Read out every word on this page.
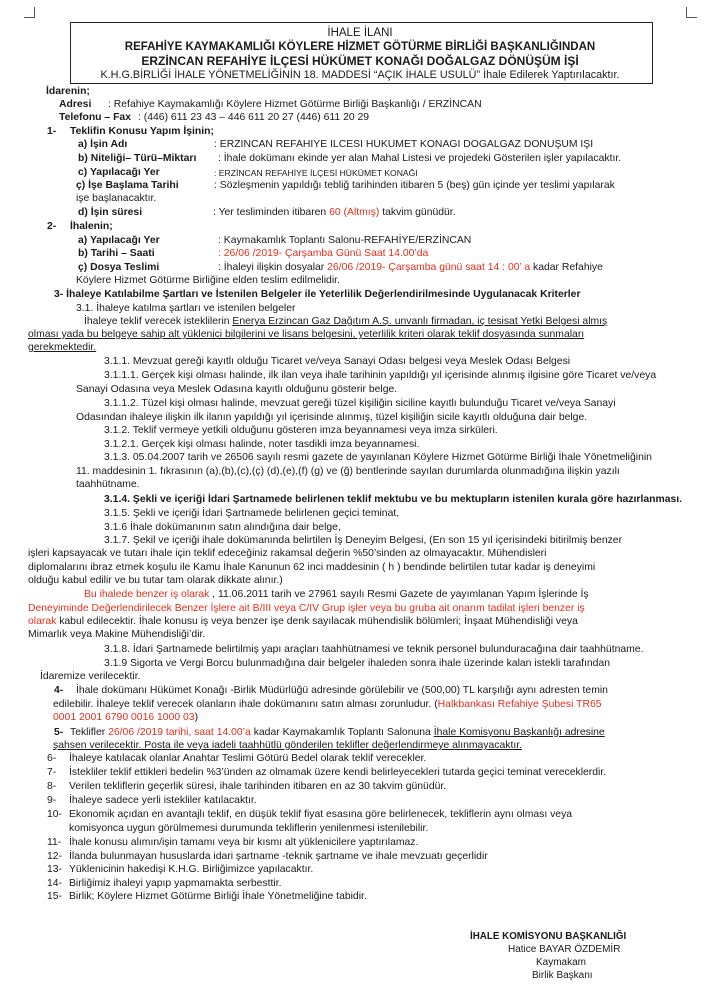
İHALE İLANI
REFAHİYE KAYMAKAMLIĞI KÖYLERE HİZMET GÖTÜRME BİRLİĞİ BAŞKANLIĞINDAN
ERZİNCAN REFAHİYE İLÇESİ HÜKÜMET KONAĞI DOĞALGAZ DÖNÜŞÜM İŞİ
K.H.G.BİRLİĞİ İHALE YÖNETMELİĞİNİN 18. MADDESİ “AÇIK İHALE USULÜ” İhale Edilerek Yaptırılacaktır.
İdarenin;
Adresi : Refahiye Kaymakamlığı Köylere Hizmet Götürme Birliği Başkanlığı / ERZİNCAN
Telefonu – Fax : (446) 611 23 43 – 446 611 20 27 (446) 611 20 29
1- Teklifin Konusu Yapım İşinin;
a) İşin Adı	: ERZINCAN REFAHIYE ILCESI HUKUMET KONAGI DOGALGAZ DONUŞUM IŞI
b) Niteliği– Türü–Miktarı : İhale dokümanı ekinde yer alan Mahal Listesi ve projedeki Gösterilen işler yapılacaktır.
c) Yapılacağı Yer	: ERZİNCAN REFAHİYE İLÇESİ HÜKÜMET KONAĞI
ç) İşe Başlama Tarihi	: Sözleşmenin yapıldığı tebliğ tarihinden itibaren 5 (beş) gün içinde yer teslimi yapılarak
işe başlanacaktır.
d) İşin süresi	: Yer tesliminden itibaren 60 (Altmış) takvim günüdür.
2- İhalenin;
a) Yapılacağı Yer	: Kaymakamlık Toplantı Salonu-REFAHİYE/ERZİNCAN
b) Tarihi – Saati	: 26/06 /2019- Çarşamba Günü Saat 14.00’da
ç) Dosya Teslimi	: İhaleyi ilişkin dosyalar 26/06 /2019- Çarşamba günü saat 14 : 00’ a kadar Refahiye
Köylere Hizmet Götürme Birliğine elden teslim edilmelidir.
3- İhaleye Katılabilme Şartları ve İstenilen Belgeler ile Yeterlilik Değerlendirilmesinde Uygulanacak Kriterler
3.1. İhaleye katılma şartları ve istenilen belgeler
İhaleye teklif verecek isteklilerin Enerya Erzincan Gaz Dağıtım A.Ş. unvanlı firmadan, iç tesisat Yetki Belgesi almış
olması yada bu belgeye sahip alt yüklenici bilgilerini ve lisans belgesini, yeterlilik kriteri olarak teklif dosyasında sunmaları
gerekmektedir.
3.1.1. Mevzuat gereği kayıtlı olduğu Ticaret ve/veya Sanayi Odası belgesi veya Meslek Odası Belgesi
3.1.1.1. Gerçek kişi olması halinde, ilk ilan veya ihale tarihinin yapıldığı yıl içerisinde alınmış ilgisine göre Ticaret ve/veya
Sanayi Odasına veya Meslek Odasına kayıtlı olduğunu gösterir belge.
3.1.1.2. Tüzel kişi olması halinde, mevzuat gereği tüzel kişiliğin siciline kayıtlı bulunduğu Ticaret ve/veya Sanayi
Odasından ihaleye ilişkin ilk ilanın yapıldığı yıl içerisinde alınmış, tüzel kişiliğin sicile kayıtlı olduğuna dair belge.
3.1.2. Teklif vermeye yetkili olduğunu gösteren imza beyannamesi veya imza sirküleri.
3.1.2.1. Gerçek kişi olması halinde, noter tasdikli imza beyannamesi.
3.1.3. 05.04.2007 tarih ve 26506 sayılı resmi gazete de yayınlanan Köylere Hizmet Götürme Birliği İhale Yönetmeliğinin
11. maddesinin 1. fıkrasının (a),(b),(c),(ç) (d),(e),(f) (g) ve (ğ) bentlerinde sayılan durumlarda olunmadığına ilişkin yazılı
taahhütname.
3.1.4. Şekli ve içeriği İdari Şartnamede belirlenen teklif mektubu ve bu mektupların istenilen kurala göre hazırlanması.
3.1.5. Şekli ve içeriği İdari Şartnamede belirlenen geçici teminat,
3.1.6 İhale dokümanının satın alındığına dair belge,
3.1.7. Şekil ve içeriği ihale dokümanında belirtilen İş Deneyim Belgesi, (En son 15 yıl içerisindeki bitirilmiş benzer
işleri kapsayacak ve tutarı ihale için teklif edeceğiniz rakamsal değerin %50’sinden az olmayacaktır. Mühendisleri
diplomalarını ibraz etmek koşulu ile Kamu İhale Kanunun 62 inci maddesinin ( h ) bendinde belirtilen tutar kadar iş deneyimi
olduğu kabul edilir ve bu tutar tam olarak dikkate alınır.)
Bu ihalede benzer iş olarak , 11.06.2011 tarih ve 27961 sayılı Resmi Gazete de yayımlanan Yapım İşlerinde İş
Deneyiminde Değerlendirilecek Benzer İşlere ait B/III veya C/IV Grup işler veya bu gruba ait onarım tadilat işleri benzer iş
olarak kabul edilecektir. İhale konusu iş veya benzer işe denk sayılacak mühendislik bölümleri; İnşaat Mühendisliği veya
Mimarlık veya Makine Mühendisliği’dir.
3.1.8. İdari Şartnamede belirtilmiş yapı araçları taahhütnamesi ve teknik personel bulunduracağına dair taahhütname.
3.1.9 Sigorta ve Vergi Borcu bulunmadığına dair belgeler ihaleden sonra ihale üzerinde kalan istekli tarafından
İdaremize verilecektir.
4- İhale dokümanı Hükümet Konağı -Birlik Müdürlüğü adresinde görülebilir ve (500,00) TL karşılığı aynı adresten temin
edilebilir. İhaleye teklif verecek olanların ihale dokümanını satın alması zorunludur. (Halkbankası Refahiye Şubesi TR65
0001 2001 6790 0016 1000 03)
5- Teklifler 26/06 /2019 tarihi, saat 14.00’a kadar Kaymakamlık Toplantı Salonuna İhale Komisyonu Başkanlığı adresine
şahsen verilecektir. Posta ile veya iadeli taahhütlü gönderilen teklifler değerlendirmeye alınmayacaktır.
6- İhaleye katılacak olanlar Anahtar Teslimi Götürü Bedel olarak teklif verecekler.
7- İstekliler teklif ettikleri bedelin %3’ünden az olmamak üzere kendi belirleyecekleri tutarda geçici teminat vereceklerdir.
8- Verilen tekliflerin geçerlik süresi, ihale tarihinden itibaren en az 30 takvim günüdür.
9- İhaleye sadece yerli istekliler katılacaktır.
10- Ekonomik açıdan en avantajlı teklif, en düşük teklif fiyat esasına göre belirlenecek, tekliflerin aynı olması veya
komisyonca uygun görülmemesi durumunda tekliflerin yenilenmesi istenilebilir.
11- İhale konusu alımın/işin tamamı veya bir kısmı alt yüklenicilere yaptırılamaz.
12- İlanda bulunmayan hususlarda idari şartname -teknik şartname ve ihale mevzuatı geçerlidir
13- Yüklenicinin hakedişi K.H.G. Birliğimizce yapılacaktır.
14- Birliğimiz ihaleyi yapıp yapmamakta serbesttir.
15- Birlik; Köylere Hizmet Götürme Birliği İhale Yönetmeliğine tabidir.
İHALE KOMİSYONU BAŞKANLIĞI
Hatice BAYAR ÖZDEMİR
Kaymakam
Birlik Başkanı
